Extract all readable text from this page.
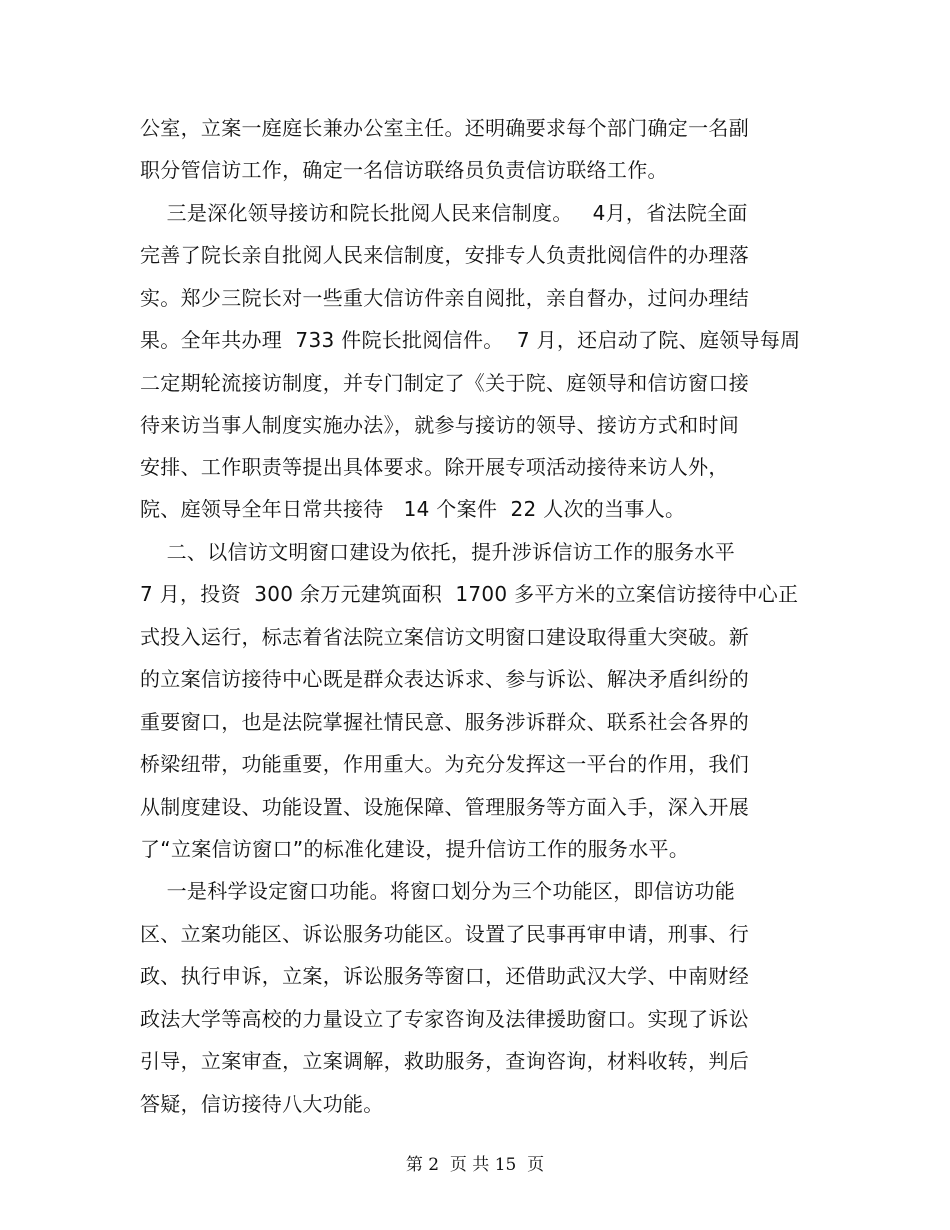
公室，立案一庭庭长兼办公室主任。还明确要求每个部门确定一名副
职分管信访工作，确定一名信访联络员负责信访联络工作。
三是深化领导接访和院长批阅人民来信制度。   4月，省法院全面
完善了院长亲自批阅人民来信制度，安排专人负责批阅信件的办理落
实。郑少三院长对一些重大信访件亲自阅批，亲自督办，过问办理结
果。全年共办理  733 件院长批阅信件。  7 月，还启动了院、庭领导每周
二定期轮流接访制度，并专门制定了《关于院、庭领导和信访窗口接
待来访当事人制度实施办法》，就参与接访的领导、接访方式和时间
安排、工作职责等提出具体要求。除开展专项活动接待来访人外，
院、庭领导全年日常共接待   14 个案件  22 人次的当事人。
二、以信访文明窗口建设为依托，提升涉诉信访工作的服务水平
7 月，投资  300 余万元建筑面积  1700 多平方米的立案信访接待中心正
式投入运行，标志着省法院立案信访文明窗口建设取得重大突破。新
的立案信访接待中心既是群众表达诉求、参与诉讼、解决矛盾纠纷的
重要窗口，也是法院掌握社情民意、服务涉诉群众、联系社会各界的
桥梁纽带，功能重要，作用重大。为充分发挥这一平台的作用，我们
从制度建设、功能设置、设施保障、管理服务等方面入手，深入开展
了“立案信访窗口”的标准化建设，提升信访工作的服务水平。
一是科学设定窗口功能。将窗口划分为三个功能区，即信访功能
区、立案功能区、诉讼服务功能区。设置了民事再审申请，刑事、行
政、执行申诉，立案，诉讼服务等窗口，还借助武汉大学、中南财经
政法大学等高校的力量设立了专家咨询及法律援助窗口。实现了诉讼
引导，立案审查，立案调解，救助服务，查询咨询，材料收转，判后
答疑，信访接待八大功能。
第 2  页 共 15  页
